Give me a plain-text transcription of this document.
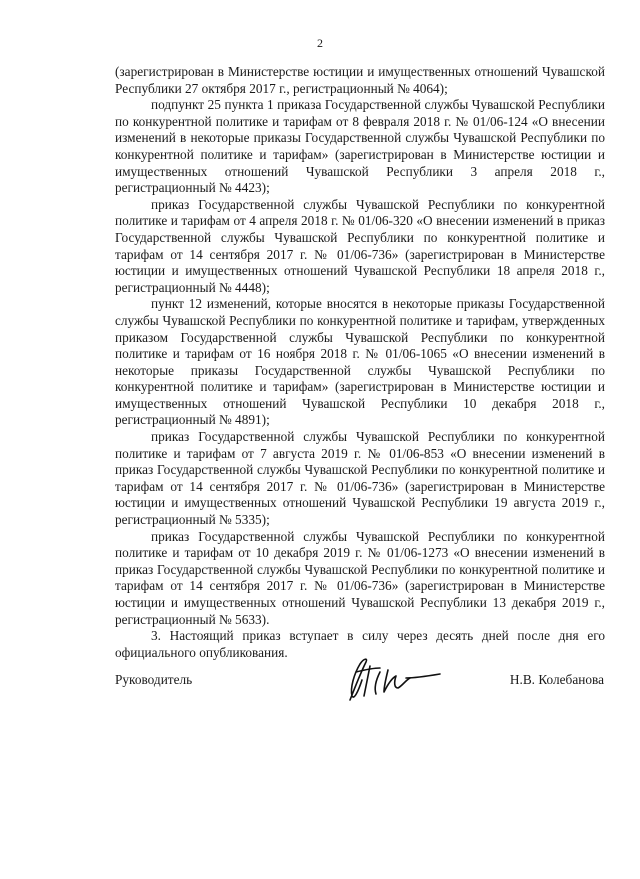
2

(зарегистрирован в Министерстве юстиции и имущественных отношений Чувашской Республики 27 октября 2017 г., регистрационный № 4064);

подпункт 25 пункта 1 приказа Государственной службы Чувашской Республики по конкурентной политике и тарифам от 8 февраля 2018 г. № 01/06-124 «О внесении изменений в некоторые приказы Государственной службы Чувашской Республики по конкурентной политике и тарифам» (зарегистрирован в Министерстве юстиции и имущественных отношений Чувашской Республики 3 апреля 2018 г., регистрационный № 4423);

приказ Государственной службы Чувашской Республики по конкурентной политике и тарифам от 4 апреля 2018 г. № 01/06-320 «О внесении изменений в приказ Государственной службы Чувашской Республики по конкурентной политике и тарифам от 14 сентября 2017 г. № 01/06-736» (зарегистрирован в Министерстве юстиции и имущественных отношений Чувашской Республики 18 апреля 2018 г., регистрационный № 4448);

пункт 12 изменений, которые вносятся в некоторые приказы Государственной службы Чувашской Республики по конкурентной политике и тарифам, утвержденных приказом Государственной службы Чувашской Республики по конкурентной политике и тарифам от 16 ноября 2018 г. № 01/06-1065 «О внесении изменений в некоторые приказы Государственной службы Чувашской Республики по конкурентной политике и тарифам» (зарегистрирован в Министерстве юстиции и имущественных отношений Чувашской Республики 10 декабря 2018 г., регистрационный № 4891);

приказ Государственной службы Чувашской Республики по конкурентной политике и тарифам от 7 августа 2019 г. № 01/06-853 «О внесении изменений в приказ Государственной службы Чувашской Республики по конкурентной политике и тарифам от 14 сентября 2017 г. № 01/06-736» (зарегистрирован в Министерстве юстиции и имущественных отношений Чувашской Республики 19 августа 2019 г., регистрационный № 5335);

приказ Государственной службы Чувашской Республики по конкурентной политике и тарифам от 10 декабря 2019 г. № 01/06-1273 «О внесении изменений в приказ Государственной службы Чувашской Республики по конкурентной политике и тарифам от 14 сентября 2017 г. № 01/06-736» (зарегистрирован в Министерстве юстиции и имущественных отношений Чувашской Республики 13 декабря 2019 г., регистрационный № 5633).

3. Настоящий приказ вступает в силу через десять дней после дня его официального опубликования.

Руководитель	Н.В. Колебанова
